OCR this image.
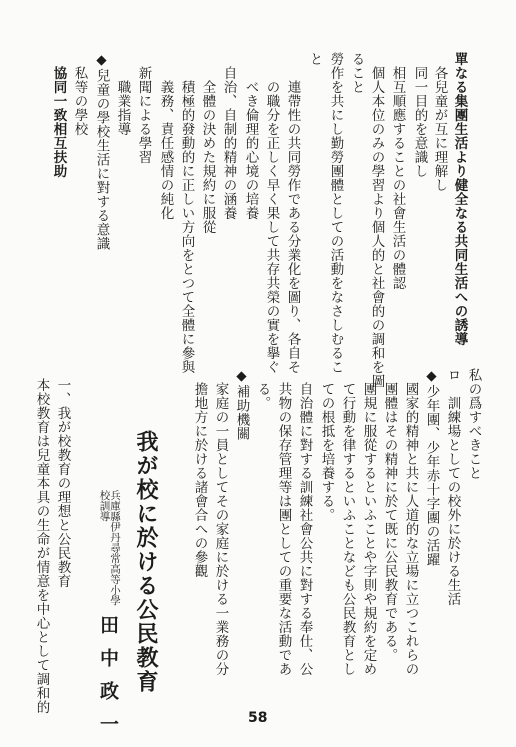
單なる集團生活より健全なる共同生活への誘導
各兒童が互に理解し
同一目的を意識し
相互順應することの社會生活の體認
個人本位のみの學習より個人的と社會的の調和を圖
ること
勞作を共にし勤勞團體としての活動をなさしむるこ
と
連帶性の共同勞作である分業化を圖り、各自そ
の職分を正しく早く果して共存共榮の實を擧ぐ
べき倫理的心境の培養
自治、自制的精神の涵養
全體の決めた規約に服從
積極的發動的に正しい方向をとつて全體に參與
義務、責任感情の純化
新聞による學習
職業指導
◆兒童の學校生活に對する意識
私等の學校
協同一致相互扶助
私の爲すべきこと
ロ　訓練場としての校外に於ける生活
◆少年團、少年赤十字團の活躍
國家的精神と共に人道的な立場に立つこれらの
團體はその精神に於て既に公民教育である。
團規に服從するといふことや字則や規約を定め
て行動を律するといふことなども公民教育とし
ての根抵を培養する。
自治體に對する訓練社會公共に對する奉仕、公
共物の保存管理等は團としての重要な活動であ
る。
◆補助機關
家庭の一員としてその家庭に於ける一業務の分
擔地方に於ける諸會合への參觀
我が校に於ける公民教育
兵庫縣伊丹尋常高等小學校訓導
田中政一
一、我が校教育の理想と公民教育
本校教育は兒童本具の生命が情意を中心として調和的
58
